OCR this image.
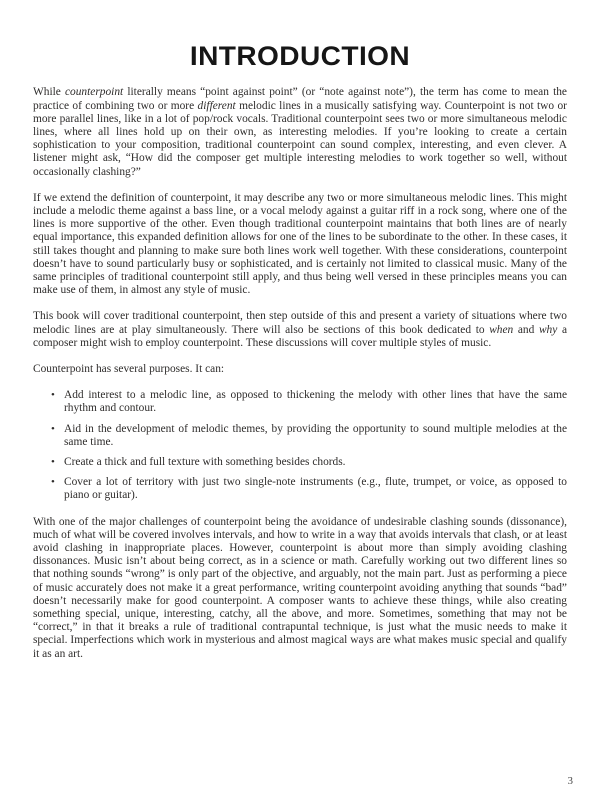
INTRODUCTION

While counterpoint literally means “point against point” (or “note against note”), the term has come to mean the practice of combining two or more different melodic lines in a musically satisfying way. Counterpoint is not two or more parallel lines, like in a lot of pop/rock vocals. Traditional counterpoint sees two or more simultaneous melodic lines, where all lines hold up on their own, as interesting melodies. If you’re looking to create a certain sophistication to your composition, traditional counterpoint can sound complex, interesting, and even clever. A listener might ask, “How did the composer get multiple interesting melodies to work together so well, without occasionally clashing?”

If we extend the definition of counterpoint, it may describe any two or more simultaneous melodic lines. This might include a melodic theme against a bass line, or a vocal melody against a guitar riff in a rock song, where one of the lines is more supportive of the other. Even though traditional counterpoint maintains that both lines are of nearly equal importance, this expanded definition allows for one of the lines to be subordinate to the other. In these cases, it still takes thought and planning to make sure both lines work well together. With these considerations, counterpoint doesn’t have to sound particularly busy or sophisticated, and is certainly not limited to classical music. Many of the same principles of traditional counterpoint still apply, and thus being well versed in these principles means you can make use of them, in almost any style of music.

This book will cover traditional counterpoint, then step outside of this and present a variety of situations where two melodic lines are at play simultaneously. There will also be sections of this book dedicated to when and why a composer might wish to employ counterpoint. These discussions will cover multiple styles of music.

Counterpoint has several purposes. It can:

• Add interest to a melodic line, as opposed to thickening the melody with other lines that have the same rhythm and contour.
• Aid in the development of melodic themes, by providing the opportunity to sound multiple melodies at the same time.
• Create a thick and full texture with something besides chords.
• Cover a lot of territory with just two single-note instruments (e.g., flute, trumpet, or voice, as opposed to piano or guitar).

With one of the major challenges of counterpoint being the avoidance of undesirable clashing sounds (dissonance), much of what will be covered involves intervals, and how to write in a way that avoids intervals that clash, or at least avoid clashing in inappropriate places. However, counterpoint is about more than simply avoiding clashing dissonances. Music isn’t about being correct, as in a science or math. Carefully working out two different lines so that nothing sounds “wrong” is only part of the objective, and arguably, not the main part. Just as performing a piece of music accurately does not make it a great performance, writing counterpoint avoiding anything that sounds “bad” doesn’t necessarily make for good counterpoint. A composer wants to achieve these things, while also creating something special, unique, interesting, catchy, all the above, and more. Sometimes, something that may not be “correct,” in that it breaks a rule of traditional contrapuntal technique, is just what the music needs to make it special. Imperfections which work in mysterious and almost magical ways are what makes music special and qualify it as an art.

3
